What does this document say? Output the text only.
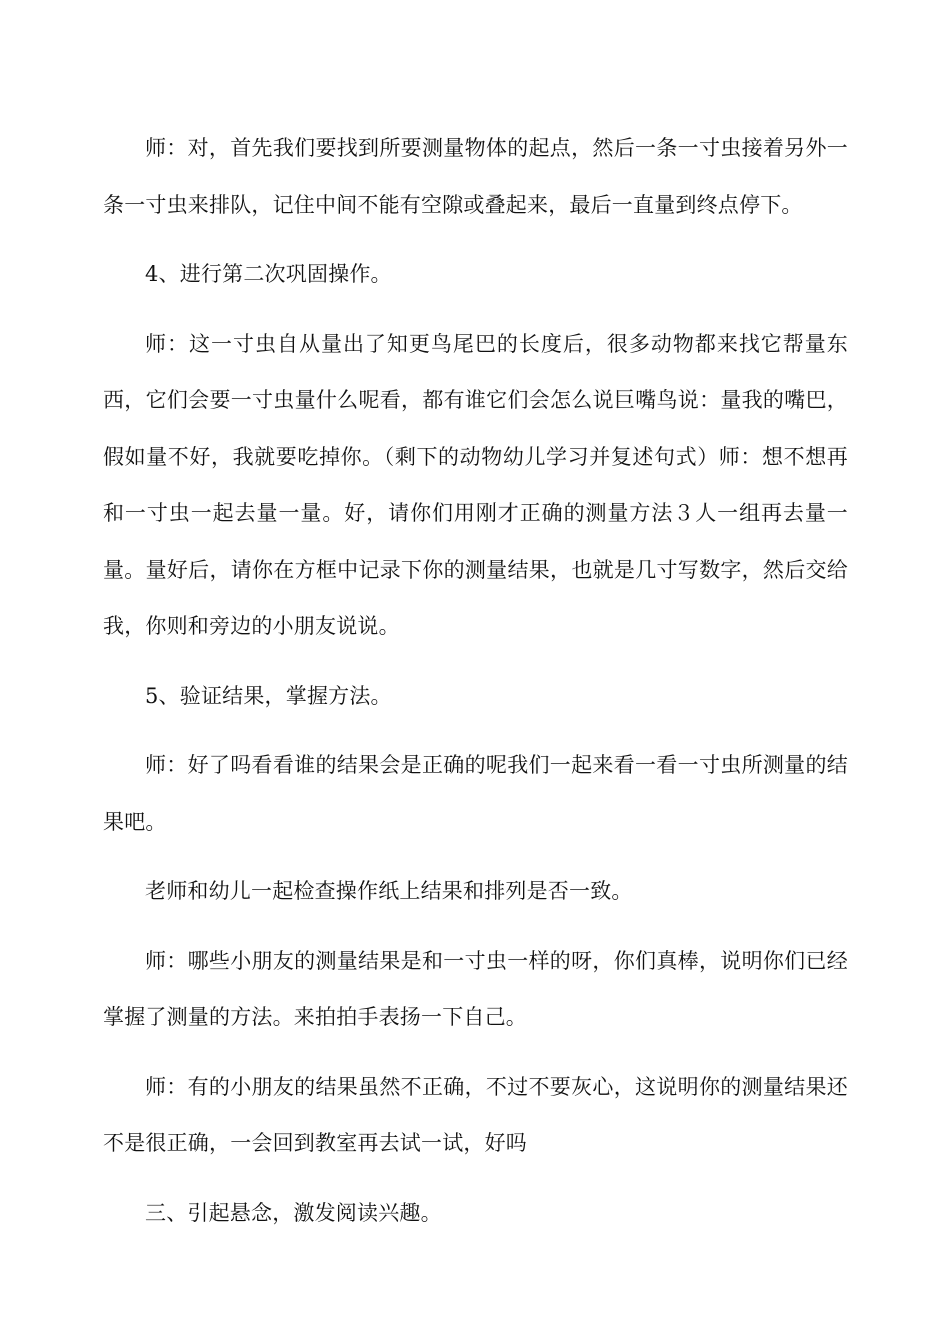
师：对，首先我们要找到所要测量物体的起点，然后一条一寸虫接着另外一条一寸虫来排队，记住中间不能有空隙或叠起来，最后一直量到终点停下。

4、进行第二次巩固操作。

师：这一寸虫自从量出了知更鸟尾巴的长度后，很多动物都来找它帮量东西，它们会要一寸虫量什么呢看，都有谁它们会怎么说巨嘴鸟说：量我的嘴巴，假如量不好，我就要吃掉你。（剩下的动物幼儿学习并复述句式）师：想不想再和一寸虫一起去量一量。好，请你们用刚才正确的测量方法３人一组再去量一量。量好后，请你在方框中记录下你的测量结果，也就是几寸写数字，然后交给我，你则和旁边的小朋友说说。

5、验证结果，掌握方法。

师：好了吗看看谁的结果会是正确的呢我们一起来看一看一寸虫所测量的结果吧。

老师和幼儿一起检查操作纸上结果和排列是否一致。

师：哪些小朋友的测量结果是和一寸虫一样的呀，你们真棒，说明你们已经掌握了测量的方法。来拍拍手表扬一下自己。

师：有的小朋友的结果虽然不正确，不过不要灰心，这说明你的测量结果还不是很正确，一会回到教室再去试一试，好吗

三、引起悬念，激发阅读兴趣。
